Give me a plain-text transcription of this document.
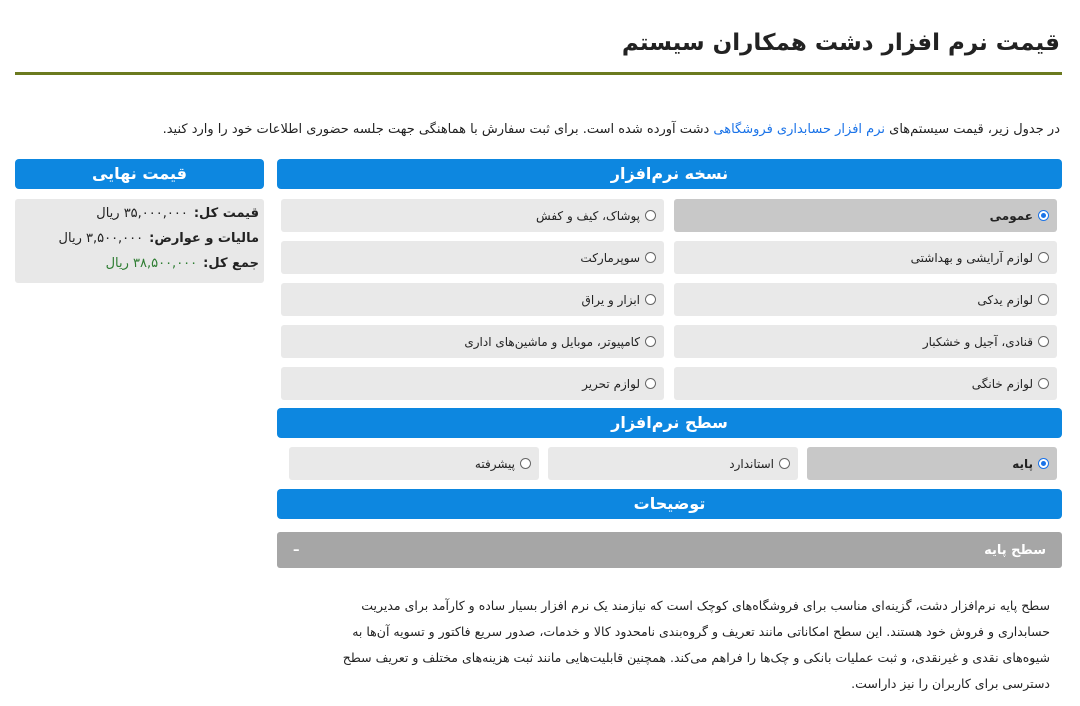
قیمت نرم افزار دشت همکاران سیستم
در جدول زیر، قیمت سیستم‌های نرم افزار حسابداری فروشگاهی دشت آورده شده است. برای ثبت سفارش با هماهنگی جهت جلسه حضوری اطلاعات خود را وارد کنید.
قیمت نهایی
قیمت کل:۳۵,۰۰۰,۰۰۰ ریال
مالیات و عوارض:۳,۵۰۰,۰۰۰ ریال
جمع کل:۳۸,۵۰۰,۰۰۰ ریال
نسخه نرم‌افزار
عمومی
پوشاک، کیف و کفش
لوازم آرایشی و بهداشتی
سوپرمارکت
لوازم یدکی
ابزار و یراق
قنادی، آجیل و خشکبار
کامپیوتر، موبایل و ماشین‌های اداری
لوازم خانگی
لوازم تحریر
سطح نرم‌افزار
پایه
استاندارد
پیشرفته
توضیحات
سطح پایه
–

سطح پایه نرم‌افزار دشت، گزینه‌ای مناسب برای فروشگاه‌های کوچک است که نیازمند یک نرم افزار بسیار ساده و کارآمد برای مدیریت حسابداری و فروش خود هستند. این سطح امکاناتی مانند تعریف و گروه‌بندی نامحدود کالا و خدمات، صدور سریع فاکتور و تسویه آن‌ها به شیوه‌های نقدی و غیرنقدی، و ثبت عملیات بانکی و چک‌ها را فراهم می‌کند. همچنین قابلیت‌هایی مانند ثبت هزینه‌های مختلف و تعریف سطح دسترسی برای کاربران را نیز داراست.
